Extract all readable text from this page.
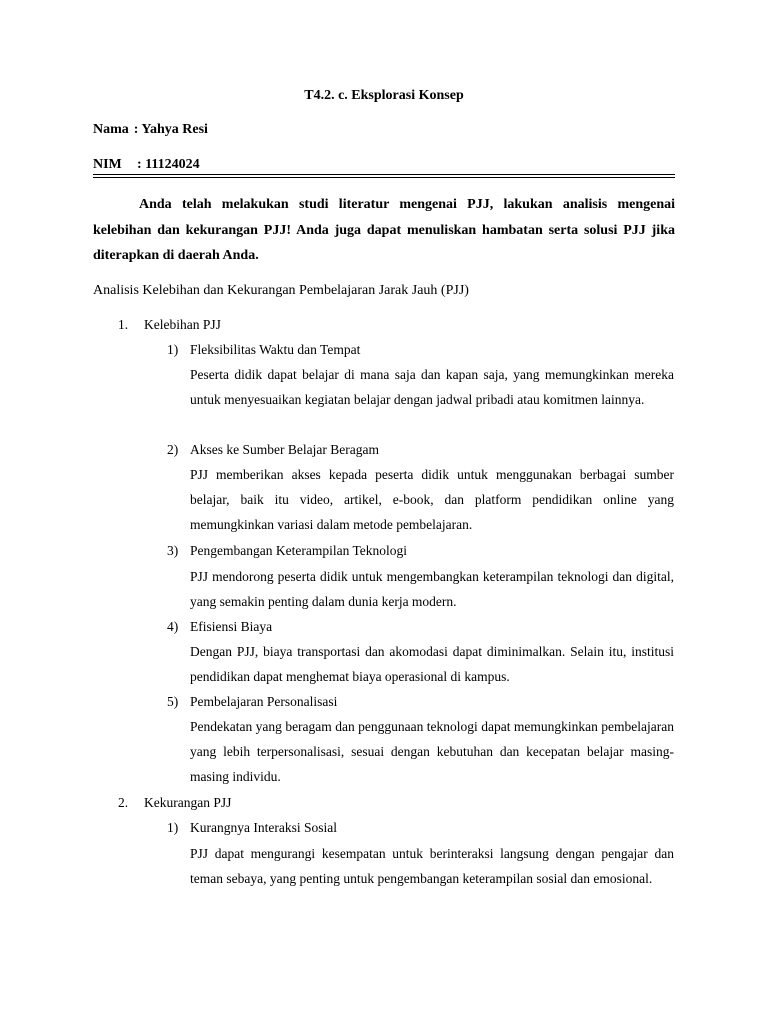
T4.2. c. Eksplorasi Konsep
Nama : Yahya Resi
NIM : 11124024

Anda telah melakukan studi literatur mengenai PJJ, lakukan analisis mengenai kelebihan dan kekurangan PJJ! Anda juga dapat menuliskan hambatan serta solusi PJJ jika diterapkan di daerah Anda.

Analisis Kelebihan dan Kekurangan Pembelajaran Jarak Jauh (PJJ)

1. Kelebihan PJJ

1) Fleksibilitas Waktu dan Tempat

Peserta didik dapat belajar di mana saja dan kapan saja, yang memungkinkan mereka untuk menyesuaikan kegiatan belajar dengan jadwal pribadi atau komitmen lainnya.

2) Akses ke Sumber Belajar Beragam

PJJ memberikan akses kepada peserta didik untuk menggunakan berbagai sumber belajar, baik itu video, artikel, e-book, dan platform pendidikan online yang memungkinkan variasi dalam metode pembelajaran.

3) Pengembangan Keterampilan Teknologi

PJJ mendorong peserta didik untuk mengembangkan keterampilan teknologi dan digital, yang semakin penting dalam dunia kerja modern.

4) Efisiensi Biaya

Dengan PJJ, biaya transportasi dan akomodasi dapat diminimalkan. Selain itu, institusi pendidikan dapat menghemat biaya operasional di kampus.

5) Pembelajaran Personalisasi

Pendekatan yang beragam dan penggunaan teknologi dapat memungkinkan pembelajaran yang lebih terpersonalisasi, sesuai dengan kebutuhan dan kecepatan belajar masing-masing individu.

2. Kekurangan PJJ

1) Kurangnya Interaksi Sosial

PJJ dapat mengurangi kesempatan untuk berinteraksi langsung dengan pengajar dan teman sebaya, yang penting untuk pengembangan keterampilan sosial dan emosional.
